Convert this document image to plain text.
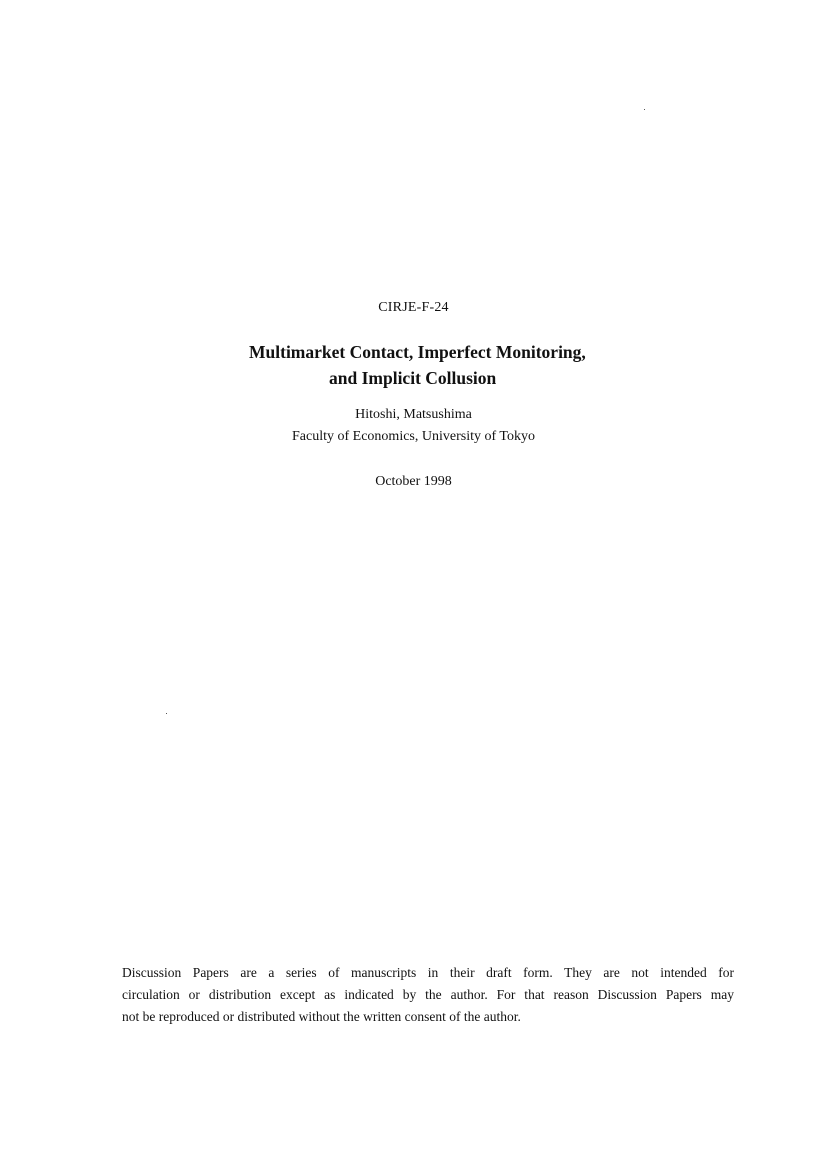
CIRJE-F-24
Multimarket Contact, Imperfect Monitoring,
and Implicit Collusion
Hitoshi, Matsushima
Faculty of Economics, University of Tokyo
October 1998
Discussion Papers are a series of manuscripts in their draft form. They are not intended for
circulation or distribution except as indicated by the author. For that reason Discussion Papers may
not be reproduced or distributed without the written consent of the author.
